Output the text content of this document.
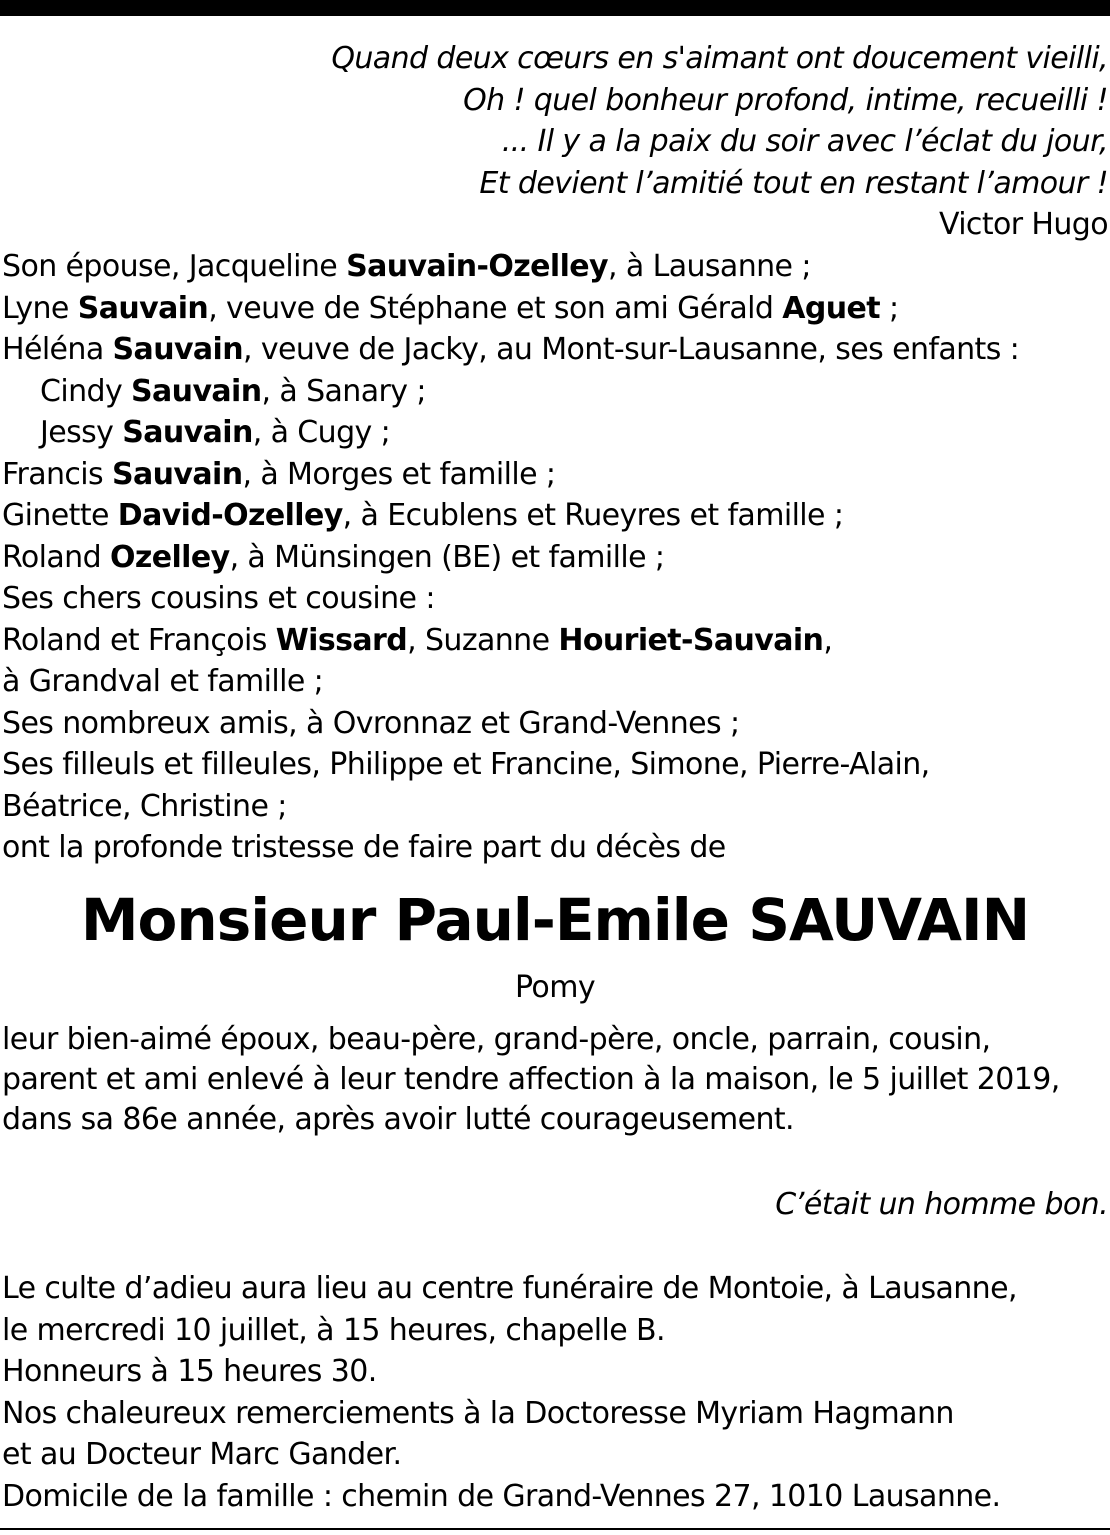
Quand deux cœurs en s'aimant ont doucement vieilli,
Oh ! quel bonheur profond, intime, recueilli !
... Il y a la paix du soir avec l’éclat du jour,
Et devient l’amitié tout en restant l’amour !
Victor Hugo
Son épouse, Jacqueline Sauvain-Ozelley, à Lausanne ;
Lyne Sauvain, veuve de Stéphane et son ami Gérald Aguet ;
Héléna Sauvain, veuve de Jacky, au Mont-sur-Lausanne, ses enfants :
Cindy Sauvain, à Sanary ;
Jessy Sauvain, à Cugy ;
Francis Sauvain, à Morges et famille ;
Ginette David-Ozelley, à Ecublens et Rueyres et famille ;
Roland Ozelley, à Münsingen (BE) et famille ;
Ses chers cousins et cousine :
Roland et François Wissard, Suzanne Houriet-Sauvain,
à Grandval et famille ;
Ses nombreux amis, à Ovronnaz et Grand-Vennes ;
Ses filleuls et filleules, Philippe et Francine, Simone, Pierre-Alain,
Béatrice, Christine ;
ont la profonde tristesse de faire part du décès de
Monsieur Paul-Emile SAUVAIN
Pomy
leur bien-aimé époux, beau-père, grand-père, oncle, parrain, cousin,
parent et ami enlevé à leur tendre affection à la maison, le 5 juillet 2019,
dans sa 86e année, après avoir lutté courageusement.
C’était un homme bon.
Le culte d’adieu aura lieu au centre funéraire de Montoie, à Lausanne,
le mercredi 10 juillet, à 15 heures, chapelle B.
Honneurs à 15 heures 30.
Nos chaleureux remerciements à la Doctoresse Myriam Hagmann
et au Docteur Marc Gander.
Domicile de la famille : chemin de Grand-Vennes 27, 1010 Lausanne.
